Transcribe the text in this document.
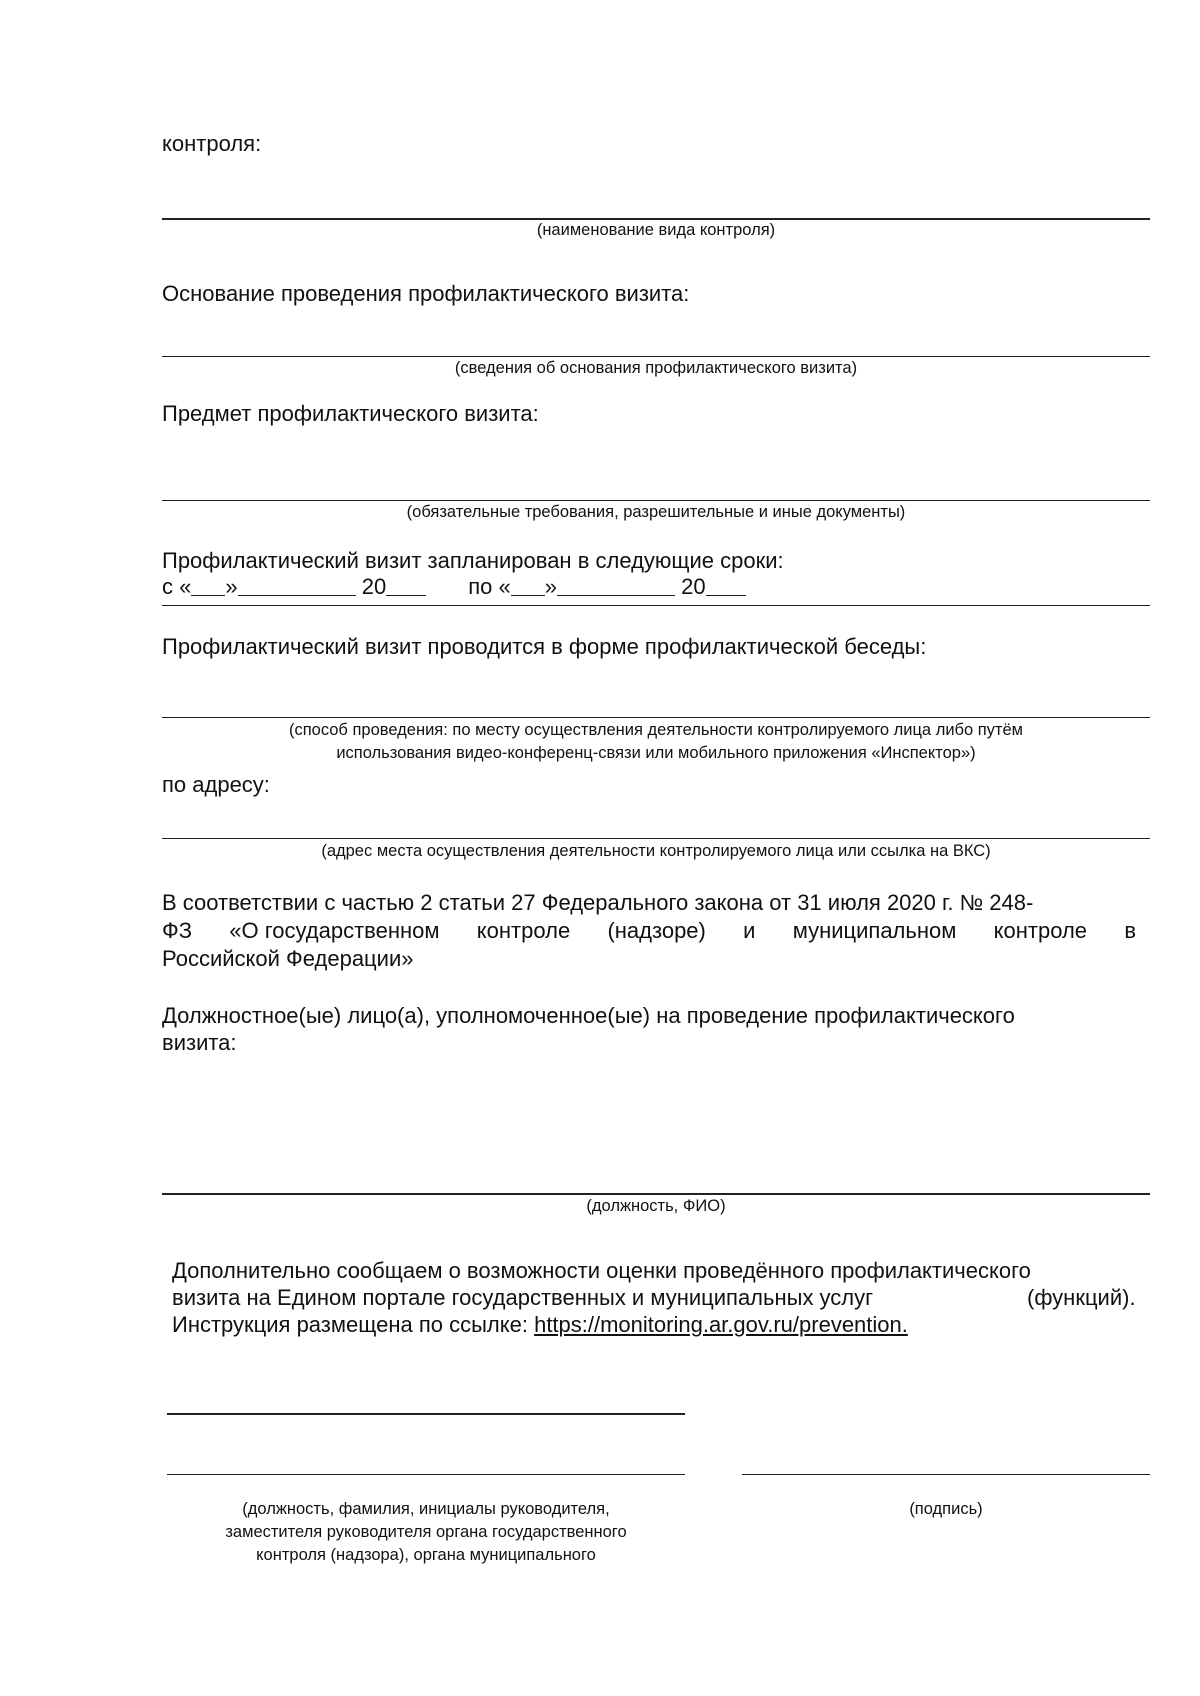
контроля:
(наименование вида контроля)
Основание проведения профилактического визита:
(сведения об основания профилактического визита)
Предмет профилактического визита:
(обязательные требования, разрешительные и иные документы)
Профилактический визит запланирован в следующие сроки:
с « »	20	по « »	20
Профилактический визит проводится в форме профилактической беседы:
(способ проведения: по месту осуществления деятельности контролируемого лица либо путём
использования видео-конференц-связи или мобильного приложения «Инспектор»)
по адресу:
(адрес места осуществления деятельности контролируемого лица или ссылка на ВКС)
В соответствии с частью 2 статьи 27 Федерального закона от 31 июля 2020 г. № 248-
ФЗ «О государственном контроле (надзоре) и муниципальном контроле в
Российской Федерации»
Должностное(ые) лицо(а), уполномоченное(ые) на проведение профилактического
визита:
(должность, ФИО)
Дополнительно сообщаем о возможности оценки проведённого профилактического
визита на Едином портале государственных и муниципальных услуг	(функций).
Инструкция размещена по ссылке: https://monitoring.ar.gov.ru/prevention.
(должность, фамилия, инициалы руководителя,
заместителя руководителя органа государственного
контроля (надзора), органа муниципального
(подпись)
